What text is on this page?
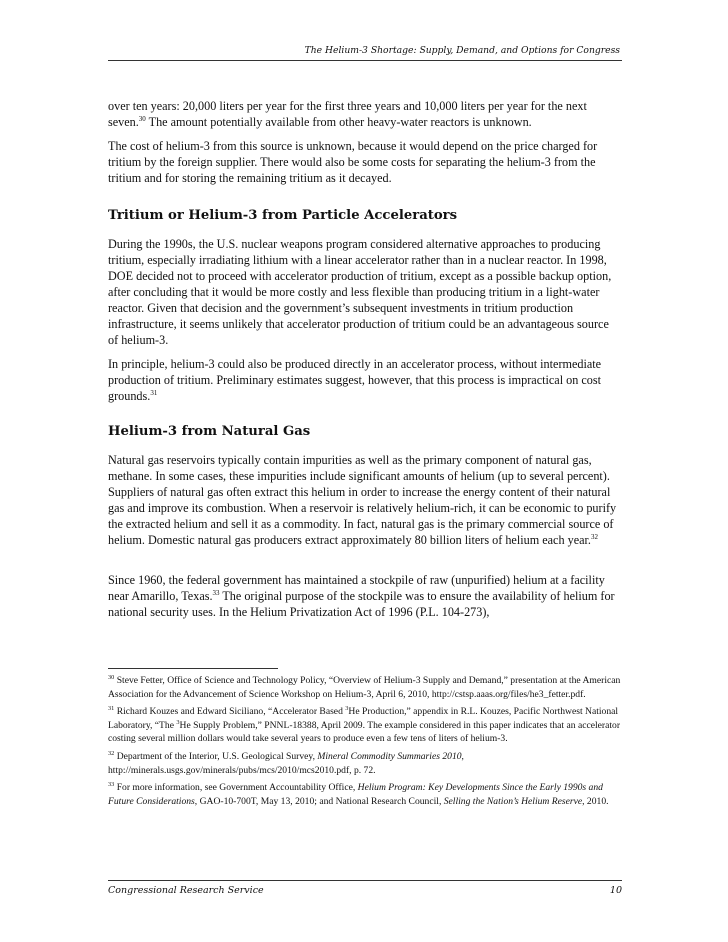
The Helium-3 Shortage: Supply, Demand, and Options for Congress

over ten years: 20,000 liters per year for the first three years and 10,000 liters per year for the next seven.$^{30}$ The amount potentially available from other heavy-water reactors is unknown.

The cost of helium-3 from this source is unknown, because it would depend on the price charged for tritium by the foreign supplier. There would also be some costs for separating the helium-3 from the tritium and for storing the remaining tritium as it decayed.

Tritium or Helium-3 from Particle Accelerators

During the 1990s, the U.S. nuclear weapons program considered alternative approaches to producing tritium, especially irradiating lithium with a linear accelerator rather than in a nuclear reactor. In 1998, DOE decided not to proceed with accelerator production of tritium, except as a possible backup option, after concluding that it would be more costly and less flexible than producing tritium in a light-water reactor. Given that decision and the government’s subsequent investments in tritium production infrastructure, it seems unlikely that accelerator production of tritium could be an advantageous source of helium-3.

In principle, helium-3 could also be produced directly in an accelerator process, without intermediate production of tritium. Preliminary estimates suggest, however, that this process is impractical on cost grounds.$^{31}$

Helium-3 from Natural Gas

Natural gas reservoirs typically contain impurities as well as the primary component of natural gas, methane. In some cases, these impurities include significant amounts of helium (up to several percent). Suppliers of natural gas often extract this helium in order to increase the energy content of their natural gas and improve its combustion. When a reservoir is relatively helium-rich, it can be economic to purify the extracted helium and sell it as a commodity. In fact, natural gas is the primary commercial source of helium. Domestic natural gas producers extract approximately 80 billion liters of helium each year.$^{32}$

Since 1960, the federal government has maintained a stockpile of raw (unpurified) helium at a facility near Amarillo, Texas.$^{33}$ The original purpose of the stockpile was to ensure the availability of helium for national security uses. In the Helium Privatization Act of 1996 (P.L. 104-273),

$^{30}$ Steve Fetter, Office of Science and Technology Policy, “Overview of Helium-3 Supply and Demand,” presentation at the American Association for the Advancement of Science Workshop on Helium-3, April 6, 2010, http://cstsp.aaas.org/files/he3_fetter.pdf.

$^{31}$ Richard Kouzes and Edward Siciliano, “Accelerator Based $^3$He Production,” appendix in R.L. Kouzes, Pacific Northwest National Laboratory, “The $^3$He Supply Problem,” PNNL-18388, April 2009. The example considered in this paper indicates that an accelerator costing several million dollars would take several years to produce even a few tens of liters of helium-3.

$^{32}$ Department of the Interior, U.S. Geological Survey, Mineral Commodity Summaries 2010, http://minerals.usgs.gov/minerals/pubs/mcs/2010/mcs2010.pdf, p. 72.

$^{33}$ For more information, see Government Accountability Office, Helium Program: Key Developments Since the Early 1990s and Future Considerations, GAO-10-700T, May 13, 2010; and National Research Council, Selling the Nation’s Helium Reserve, 2010.

Congressional Research Service	10
